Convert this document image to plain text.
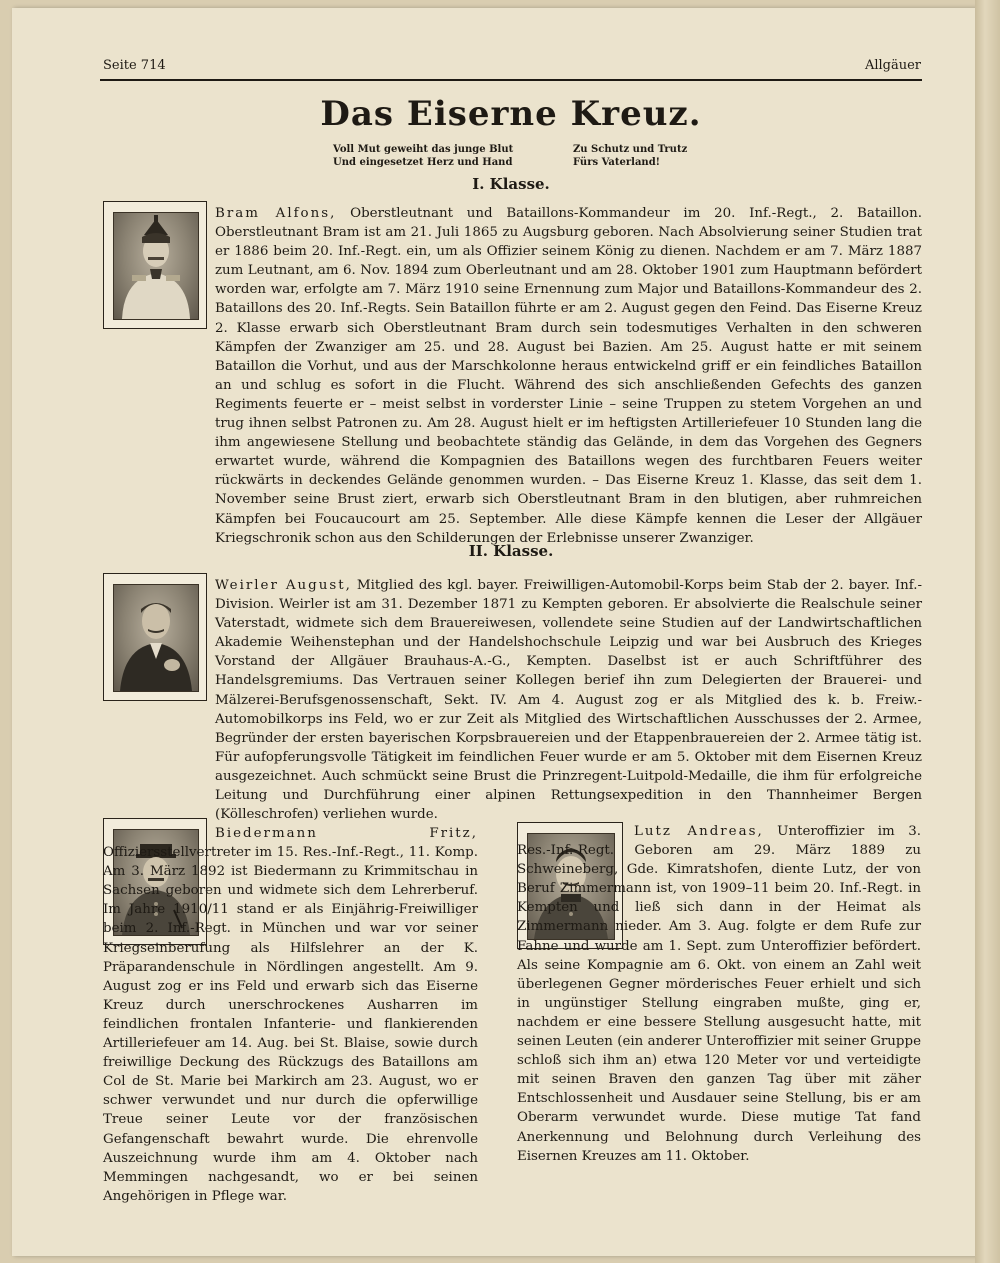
Seite 714	Allgäuer
Das Eiserne Kreuz.
Voll Mut geweiht das junge Blut
Und eingesetzet Herz und Hand
Zu Schutz und Trutz
Fürs Vaterland!
I. Klasse.

Bram Alfons, Oberstleutnant und Bataillons-Kommandeur im 20. Inf.-Regt., 2. Bataillon. Oberstleutnant Bram ist am 21. Juli 1865 zu Augsburg geboren. Nach Absolvierung seiner Studien trat er 1886 beim 20. Inf.-Regt. ein, um als Offizier seinem König zu dienen. Nachdem er am 7. März 1887 zum Leutnant, am 6. Nov. 1894 zum Oberleutnant und am 28. Oktober 1901 zum Hauptmann befördert worden war, erfolgte am 7. März 1910 seine Ernennung zum Major und Bataillons-Kommandeur des 2. Bataillons des 20. Inf.-Regts. Sein Bataillon führte er am 2. August gegen den Feind. Das Eiserne Kreuz 2. Klasse erwarb sich Oberstleutnant Bram durch sein todesmutiges Verhalten in den schweren Kämpfen der Zwanziger am 25. und 28. August bei Bazien. Am 25. August hatte er mit seinem Bataillon die Vorhut, und aus der Marschkolonne heraus entwickelnd griff er ein feindliches Bataillon an und schlug es sofort in die Flucht. Während des sich anschließenden Gefechts des ganzen Regiments feuerte er – meist selbst in vorderster Linie – seine Truppen zu stetem Vorgehen an und trug ihnen selbst Patronen zu. Am 28. August hielt er im heftigsten Artilleriefeuer 10 Stunden lang die ihm angewiesene Stellung und beobachtete ständig das Gelände, in dem das Vorgehen des Gegners erwartet wurde, während die Kompagnien des Bataillons wegen des furchtbaren Feuers weiter rückwärts in deckendes Gelände genommen wurden. – Das Eiserne Kreuz 1. Klasse, das seit dem 1. November seine Brust ziert, erwarb sich Oberstleutnant Bram in den blutigen, aber ruhmreichen Kämpfen bei Foucaucourt am 25. September. Alle diese Kämpfe kennen die Leser der Allgäuer Kriegschronik schon aus den Schilderungen der Erlebnisse unserer Zwanziger.

II. Klasse.

Weirler August, Mitglied des kgl. bayer. Freiwilligen-Automobil-Korps beim Stab der 2. bayer. Inf.-Division. Weirler ist am 31. Dezember 1871 zu Kempten geboren. Er absolvierte die Realschule seiner Vaterstadt, widmete sich dem Brauereiwesen, vollendete seine Studien auf der Landwirtschaftlichen Akademie Weihenstephan und der Handelshochschule Leipzig und war bei Ausbruch des Krieges Vorstand der Allgäuer Brauhaus-A.-G., Kempten. Daselbst ist er auch Schriftführer des Handelsgremiums. Das Vertrauen seiner Kollegen berief ihn zum Delegierten der Brauerei- und Mälzerei-Berufsgenossenschaft, Sekt. IV. Am 4. August zog er als Mitglied des k. b. Freiw.-Automobilkorps ins Feld, wo er zur Zeit als Mitglied des Wirtschaftlichen Ausschusses der 2. Armee, Begründer der ersten bayerischen Korpsbrauereien und der Etappenbrauereien der 2. Armee tätig ist. Für aufopferungsvolle Tätigkeit im feindlichen Feuer wurde er am 5. Oktober mit dem Eisernen Kreuz ausgezeichnet. Auch schmückt seine Brust die Prinzregent-Luitpold-Medaille, die ihm für erfolgreiche Leitung und Durchführung einer alpinen Rettungsexpedition in den Thannheimer Bergen (Kölleschrofen) verliehen wurde.

Biedermann Fritz, Offiziersstellvertreter im 15. Res.-Inf.-Regt., 11. Komp. Am 3. März 1892 ist Biedermann zu Krimmitschau in Sachsen geboren und widmete sich dem Lehrerberuf. Im Jahre 1910/11 stand er als Einjährig-Freiwilliger beim 2. Inf.-Regt. in München und war vor seiner Kriegseinberufung als Hilfslehrer an der K. Präparandenschule in Nördlingen angestellt. Am 9. August zog er ins Feld und erwarb sich das Eiserne Kreuz durch unerschrockenes Ausharren im feindlichen frontalen Infanterie- und flankierenden Artilleriefeuer am 14. Aug. bei St. Blaise, sowie durch freiwillige Deckung des Rückzugs des Bataillons am Col de St. Marie bei Markirch am 23. August, wo er schwer verwundet und nur durch die opferwillige Treue seiner Leute vor der französischen Gefangenschaft bewahrt wurde. Die ehrenvolle Auszeichnung wurde ihm am 4. Oktober nach Memmingen nachgesandt, wo er bei seinen Angehörigen in Pflege war.

Lutz Andreas, Unteroffizier im 3. Res.-Inf.-Regt. Geboren am 29. März 1889 zu Schweineberg, Gde. Kimratshofen, diente Lutz, der von Beruf Zimmermann ist, von 1909–11 beim 20. Inf.-Regt. in Kempten und ließ sich dann in der Heimat als Zimmermann nieder. Am 3. Aug. folgte er dem Rufe zur Fahne und wurde am 1. Sept. zum Unteroffizier befördert. Als seine Kompagnie am 6. Okt. von einem an Zahl weit überlegenen Gegner mörderisches Feuer erhielt und sich in ungünstiger Stellung eingraben mußte, ging er, nachdem er eine bessere Stellung ausgesucht hatte, mit seinen Leuten (ein anderer Unteroffizier mit seiner Gruppe schloß sich ihm an) etwa 120 Meter vor und verteidigte mit seinen Braven den ganzen Tag über mit zäher Entschlossenheit und Ausdauer seine Stellung, bis er am Oberarm verwundet wurde. Diese mutige Tat fand Anerkennung und Belohnung durch Verleihung des Eisernen Kreuzes am 11. Oktober.
